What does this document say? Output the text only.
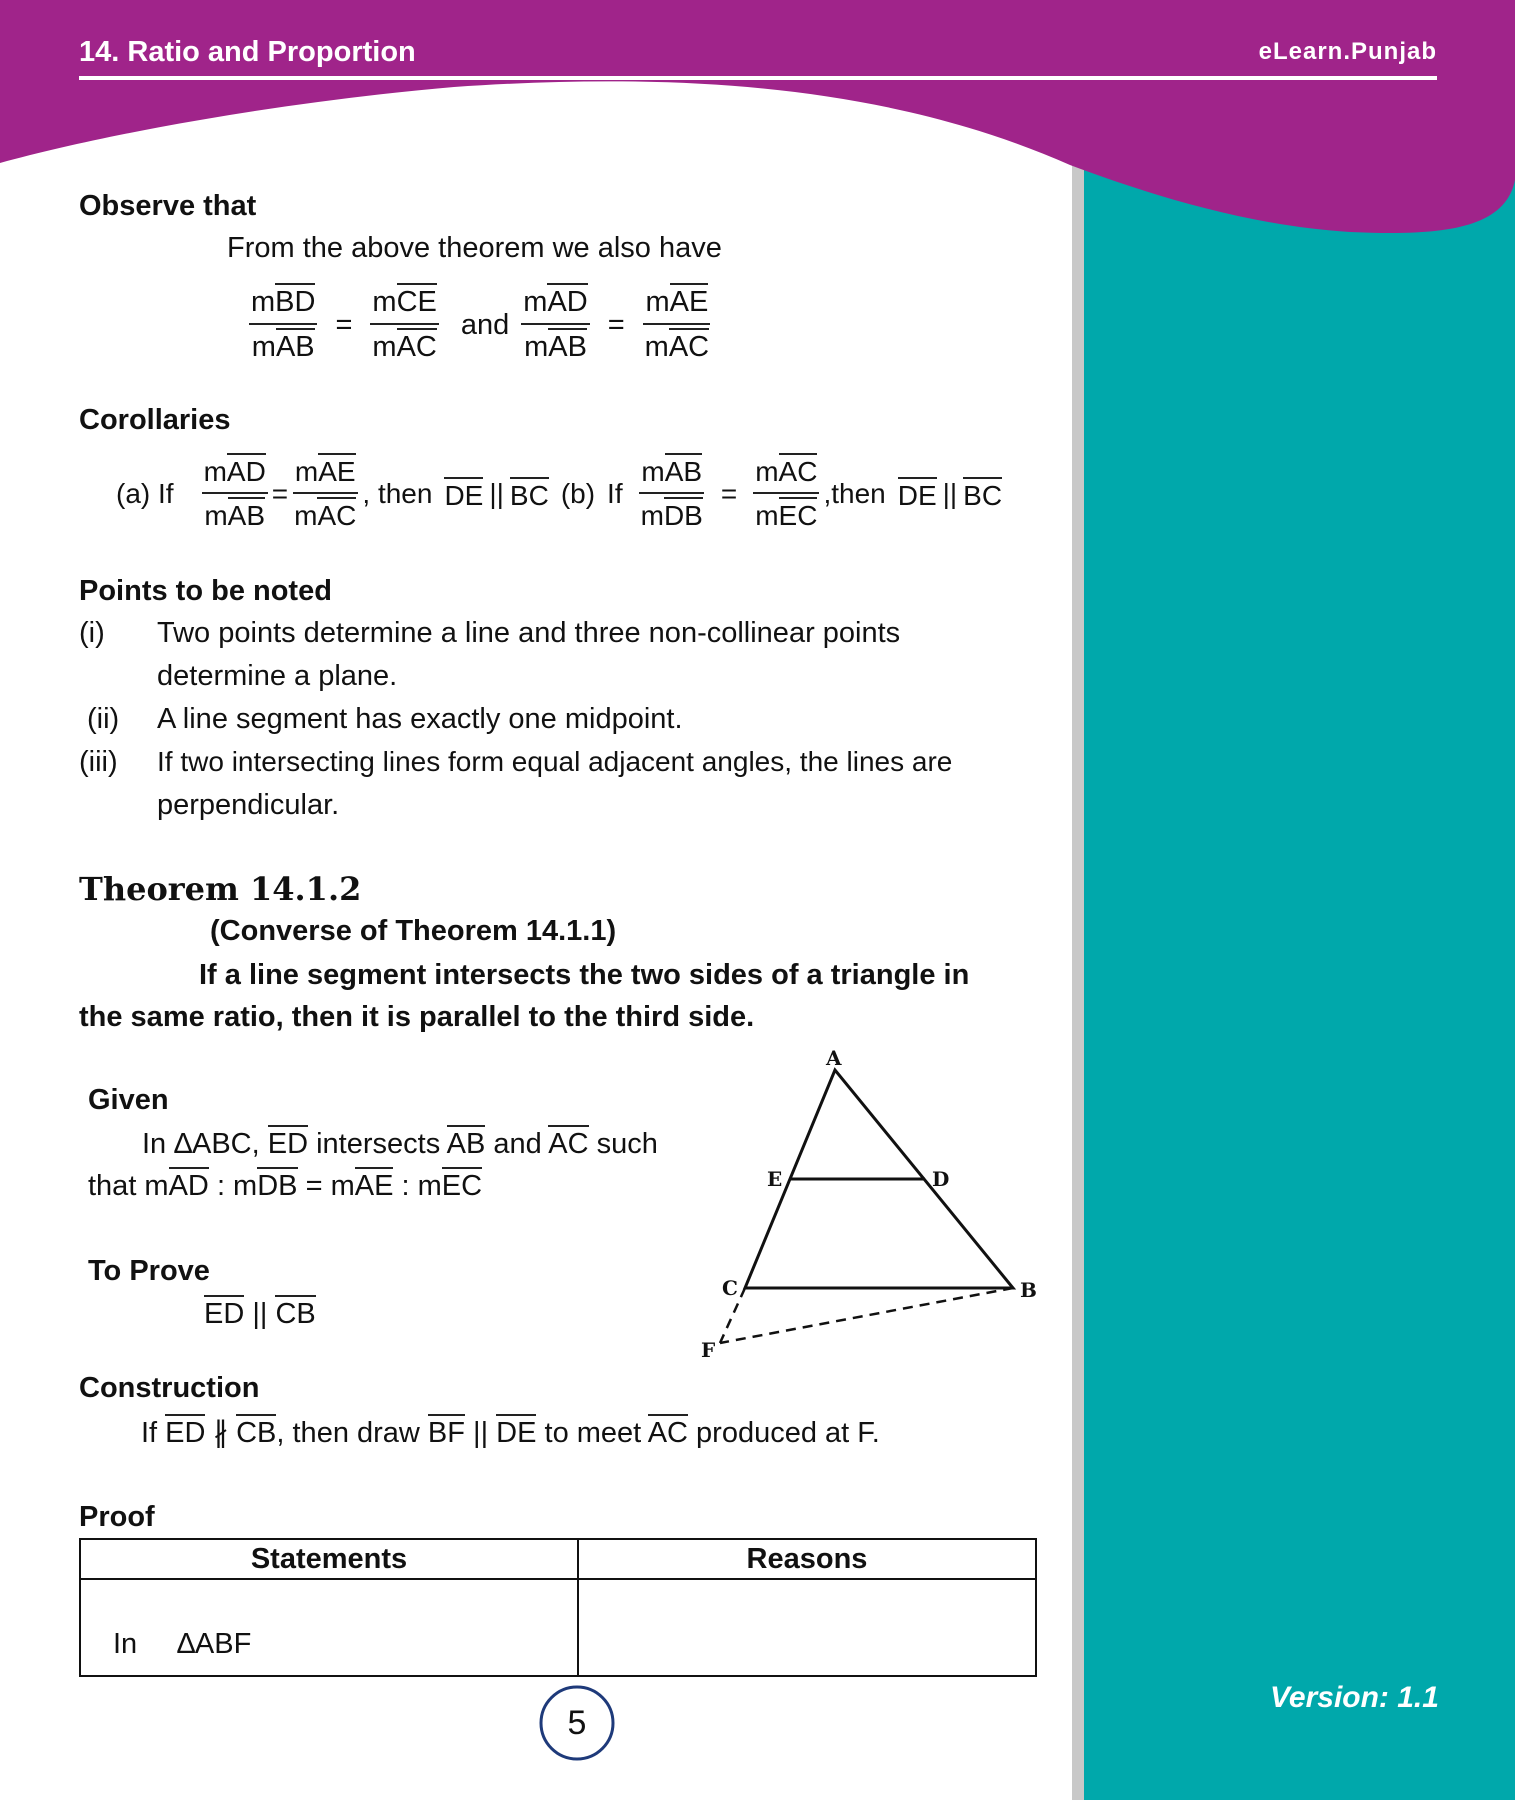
A
E	D
C	B
F
14. Ratio and Proportion	eLearn.Punjab
Observe that
From the above theorem we also have
$\frac{\text{mBD}}{\text{mAB}} = \frac{\text{mCE}}{\text{mAC}}$ and $\frac{\text{mAD}}{\text{mAB}} = \frac{\text{mAE}}{\text{mAC}}$
Corollaries
(a) If $\frac{\text{mAD}}{\text{mAB}} = \frac{\text{mAE}}{\text{mAC}}$ , then DE || BC (b) If $\frac{\text{mAB}}{\text{mDB}} = \frac{\text{mAC}}{\text{mEC}}$ ,then DE || BC
Points to be noted
(i) Two points determine a line and three non-collinear points
determine a plane.
(ii) A line segment has exactly one midpoint.
(iii) If two intersecting lines form equal adjacent angles, the lines are
perpendicular.
Theorem 14.1.2
(Converse of Theorem 14.1.1)
If a line segment intersects the two sides of a triangle in
the same ratio, then it is parallel to the third side.
Given
In ∆ABC, ED intersects AB and AC such
that mAD : mDB = mAE : mEC
To Prove
ED || CB
Construction
If ED ∦ CB, then draw BF || DE to meet AC produced at F.
Proof
Statements	Reasons
In ∆ABF	
5
Version: 1.1
